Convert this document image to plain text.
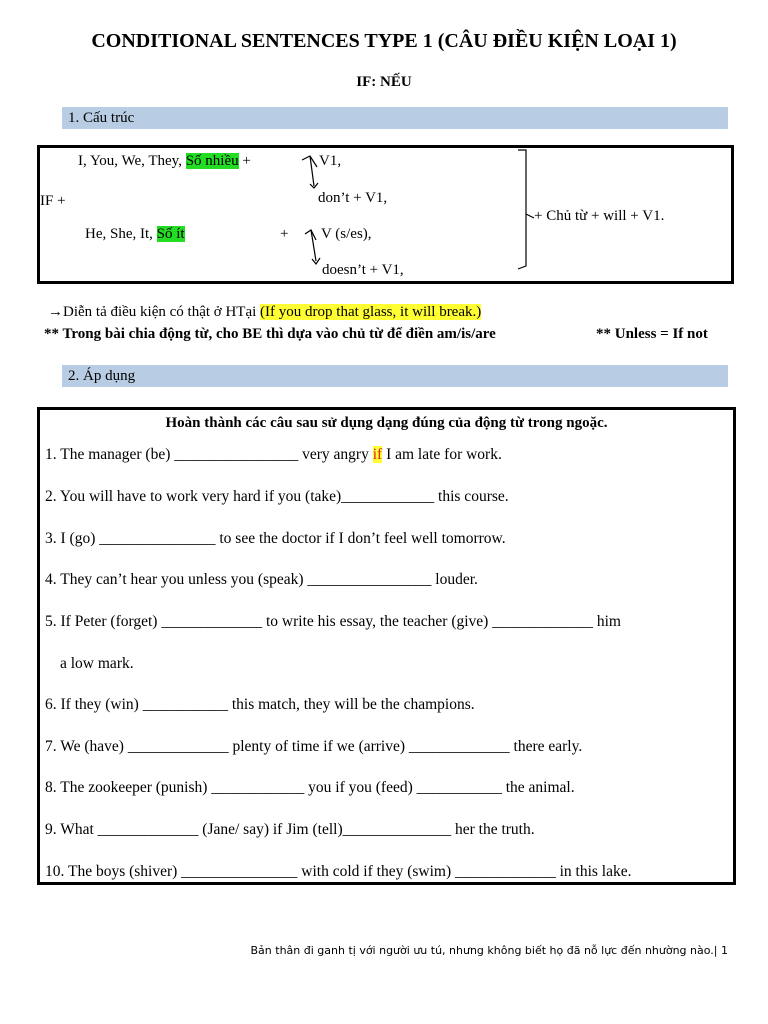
CONDITIONAL SENTENCES TYPE 1 (CÂU ĐIỀU KIỆN LOẠI 1)
IF: NẾU
1. Cấu trúc
I, You, We, They, Số nhiều +	V1,
don’t + V1,
IF +
He, She, It, Số ít	+ V (s/es),
doesn’t + V1,
+ Chủ từ + will + V1.
→Diễn tả điều kiện có thật ở HTại (If you drop that glass, it will break.)
** Trong bài chia động từ, cho BE thì dựa vào chủ từ để điền am/is/are	** Unless = If not
2. Áp dụng
Hoàn thành các câu sau sử dụng dạng đúng của động từ trong ngoặc.
1. The manager (be) ________________ very angry if I am late for work.
2. You will have to work very hard if you (take)____________ this course.
3. I (go) _______________ to see the doctor if I don’t feel well tomorrow.
4. They can’t hear you unless you (speak) ________________ louder.
5. If Peter (forget) _____________ to write his essay, the teacher (give) _____________ him
a low mark.
6. If they (win) ___________ this match, they will be the champions.
7. We (have) _____________ plenty of time if we (arrive) _____________ there early.
8. The zookeeper (punish) ____________ you if you (feed) ___________ the animal.
9. What _____________ (Jane/ say) if Jim (tell)______________ her the truth.
10. The boys (shiver) _______________ with cold if they (swim) _____________ in this lake.
Bản thân đi ganh tị với người ưu tú, nhưng không biết họ đã nỗ lực đến nhường nào.| 1
